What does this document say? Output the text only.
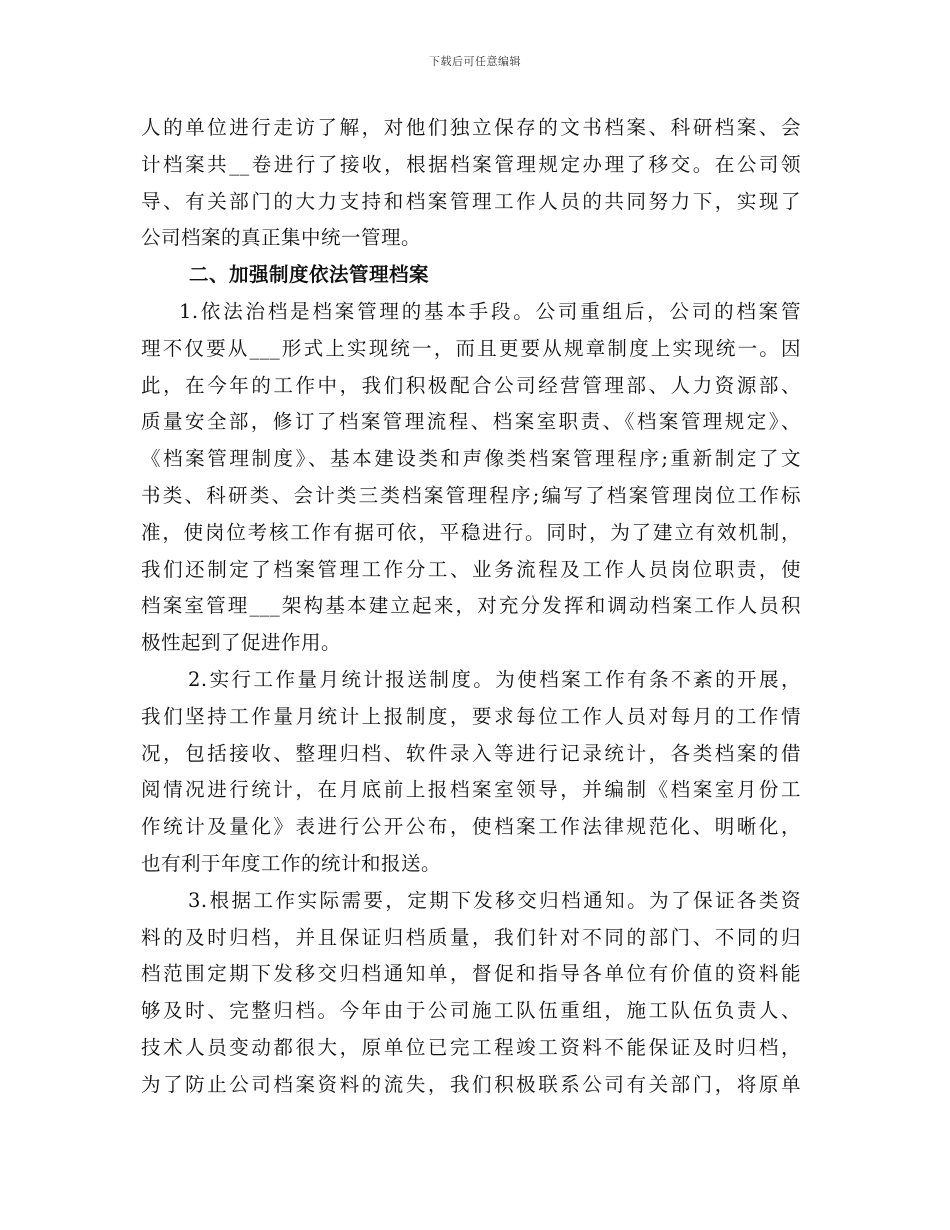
下载后可任意编辑
人的单位进行走访了解，对他们独立保存的文书档案、科研档案、会
计档案共__卷进行了接收，根据档案管理规定办理了移交。在公司领
导、有关部门的大力支持和档案管理工作人员的共同努力下，实现了
公司档案的真正集中统一管理。
二、加强制度依法管理档案
1.依法治档是档案管理的基本手段。公司重组后，公司的档案管
理不仅要从___形式上实现统一，而且更要从规章制度上实现统一。因
此，在今年的工作中，我们积极配合公司经营管理部、人力资源部、
质量安全部，修订了档案管理流程、档案室职责、《档案管理规定》、
《档案管理制度》、基本建设类和声像类档案管理程序;重新制定了文
书类、科研类、会计类三类档案管理程序;编写了档案管理岗位工作标
准，使岗位考核工作有据可依，平稳进行。同时，为了建立有效机制，
我们还制定了档案管理工作分工、业务流程及工作人员岗位职责，使
档案室管理___架构基本建立起来，对充分发挥和调动档案工作人员积
极性起到了促进作用。
2.实行工作量月统计报送制度。为使档案工作有条不紊的开展，
我们坚持工作量月统计上报制度，要求每位工作人员对每月的工作情
况，包括接收、整理归档、软件录入等进行记录统计，各类档案的借
阅情况进行统计，在月底前上报档案室领导，并编制《档案室月份工
作统计及量化》表进行公开公布，使档案工作法律规范化、明晰化，
也有利于年度工作的统计和报送。
3.根据工作实际需要，定期下发移交归档通知。为了保证各类资
料的及时归档，并且保证归档质量，我们针对不同的部门、不同的归
档范围定期下发移交归档通知单，督促和指导各单位有价值的资料能
够及时、完整归档。今年由于公司施工队伍重组，施工队伍负责人、
技术人员变动都很大，原单位已完工程竣工资料不能保证及时归档，
为了防止公司档案资料的流失，我们积极联系公司有关部门，将原单
